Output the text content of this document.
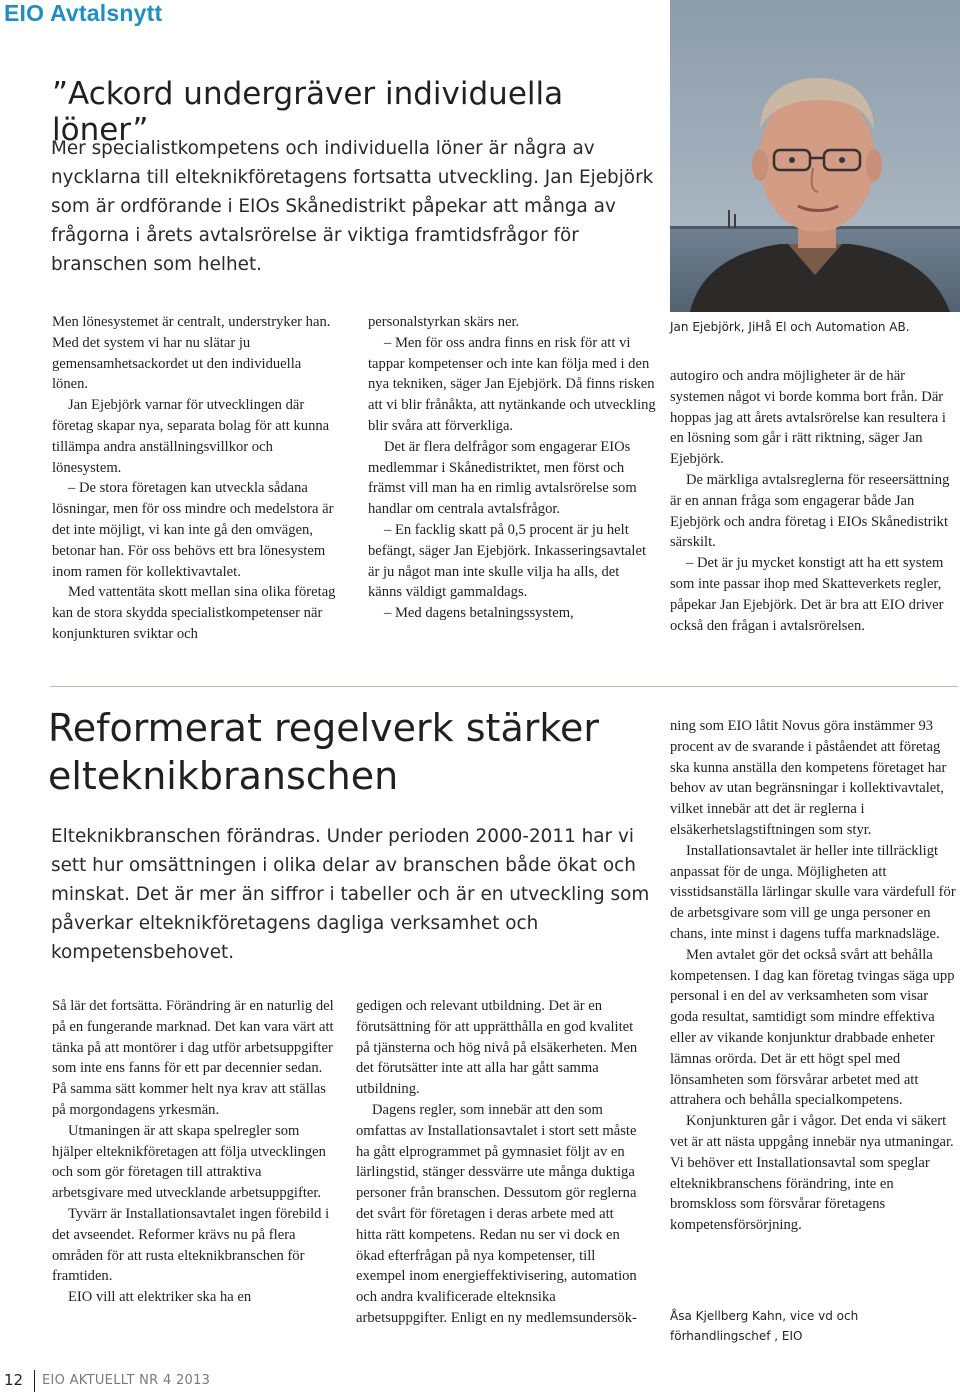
EIO Avtalsnytt
”Ackord undergräver individuella löner”
Mer specialistkompetens och individuella löner är några av nycklarna till elteknikföretagens fortsatta utveckling. Jan Ejebjörk som är ordförande i EIOs Skånedistrikt påpekar att många av frågorna i årets avtalsrörelse är viktiga framtidsfrågor för branschen som helhet.
Jan Ejebjörk, JiHå El och Automation AB.

Men lönesystemet är centralt, understryker han. Med det system vi har nu slätar ju gemensamhetsackordet ut den individuella lönen.

Jan Ejebjörk varnar för utvecklingen där företag skapar nya, separata bolag för att kunna tillämpa andra anställningsvillkor och lönesystem.

– De stora företagen kan utveckla sådana lösningar, men för oss mindre och medelstora är det inte möjligt, vi kan inte gå den omvägen, betonar han. För oss behövs ett bra lönesystem inom ramen för kollektivavtalet.

Med vattentäta skott mellan sina olika företag kan de stora skydda specialistkompetenser när konjunkturen sviktar och

personalstyrkan skärs ner.

– Men för oss andra finns en risk för att vi tappar kompetenser och inte kan följa med i den nya tekniken, säger Jan Ejebjörk. Då finns risken att vi blir frånåkta, att nytänkande och utveckling blir svåra att förverkliga.

Det är flera delfrågor som engagerar EIOs medlemmar i Skånedistriktet, men först och främst vill man ha en rimlig avtalsrörelse som handlar om centrala avtalsfrågor.

– En facklig skatt på 0,5 procent är ju helt befängt, säger Jan Ejebjörk. Inkasseringsavtalet är ju något man inte skulle vilja ha alls, det känns väldigt gammaldags.

– Med dagens betalningssystem,

autogiro och andra möjligheter är de här systemen något vi borde komma bort från. Där hoppas jag att årets avtalsrörelse kan resultera i en lösning som går i rätt riktning, säger Jan Ejebjörk.

De märkliga avtalsreglerna för reseersättning är en annan fråga som engagerar både Jan Ejebjörk och andra företag i EIOs Skånedistrikt särskilt.

– Det är ju mycket konstigt att ha ett system som inte passar ihop med Skatteverkets regler, påpekar Jan Ejebjörk. Det är bra att EIO driver också den frågan i avtalsrörelsen.

Reformerat regelverk stärker elteknikbranschen
Elteknikbranschen förändras. Under perioden 2000-2011 har vi sett hur omsättningen i olika delar av branschen både ökat och minskat. Det är mer än siffror i tabeller och är en utveckling som påverkar elteknikföretagens dagliga verksamhet och kompetensbehovet.

Så lär det fortsätta. Förändring är en naturlig del på en fungerande marknad. Det kan vara värt att tänka på att montörer i dag utför arbetsuppgifter som inte ens fanns för ett par decennier sedan. På samma sätt kommer helt nya krav att ställas på morgondagens yrkesmän.

Utmaningen är att skapa spelregler som hjälper elteknikföretagen att följa utvecklingen och som gör företagen till attraktiva arbetsgivare med utvecklande arbetsuppgifter.

Tyvärr är Installationsavtalet ingen förebild i det avseendet. Reformer krävs nu på flera områden för att rusta elteknikbranschen för framtiden.

EIO vill att elektriker ska ha en

gedigen och relevant utbildning. Det är en förutsättning för att upprätthålla en god kvalitet på tjänsterna och hög nivå på elsäkerheten. Men det förutsätter inte att alla har gått samma utbildning.

Dagens regler, som innebär att den som omfattas av Installationsavtalet i stort sett måste ha gått elprogrammet på gymnasiet följt av en lärlingstid, stänger dessvärre ute många duktiga personer från branschen. Dessutom gör reglerna det svårt för företagen i deras arbete med att hitta rätt kompetens. Redan nu ser vi dock en ökad efterfrågan på nya kompetenser, till exempel inom energieffektivisering, automation och andra kvalificerade elteknsika arbetsuppgifter. Enligt en ny medlemsundersök-

ning som EIO låtit Novus göra instämmer 93 procent av de svarande i påståendet att företag ska kunna anställa den kompetens företaget har behov av utan begränsningar i kollektivavtalet, vilket innebär att det är reglerna i elsäkerhetslagstiftningen som styr.

Installationsavtalet är heller inte tillräckligt anpassat för de unga. Möjligheten att visstidsanställa lärlingar skulle vara värdefull för de arbetsgivare som vill ge unga personer en chans, inte minst i dagens tuffa marknadsläge.

Men avtalet gör det också svårt att behålla kompetensen. I dag kan företag tvingas säga upp personal i en del av verksamheten som visar goda resultat, samtidigt som mindre effektiva eller av vikande konjunktur drabbade enheter lämnas orörda. Det är ett högt spel med lönsamheten som försvårar arbetet med att attrahera och behålla specialkompetens.

Konjunkturen går i vågor. Det enda vi säkert vet är att nästa uppgång innebär nya utmaningar. Vi behöver ett Installationsavtal som speglar elteknikbranschens förändring, inte en bromskloss som försvårar företagens kompetensförsörjning.

Åsa Kjellberg Kahn, vice vd och förhandlingschef , EIO
12 EIO AKTUELLT NR 4 2013
